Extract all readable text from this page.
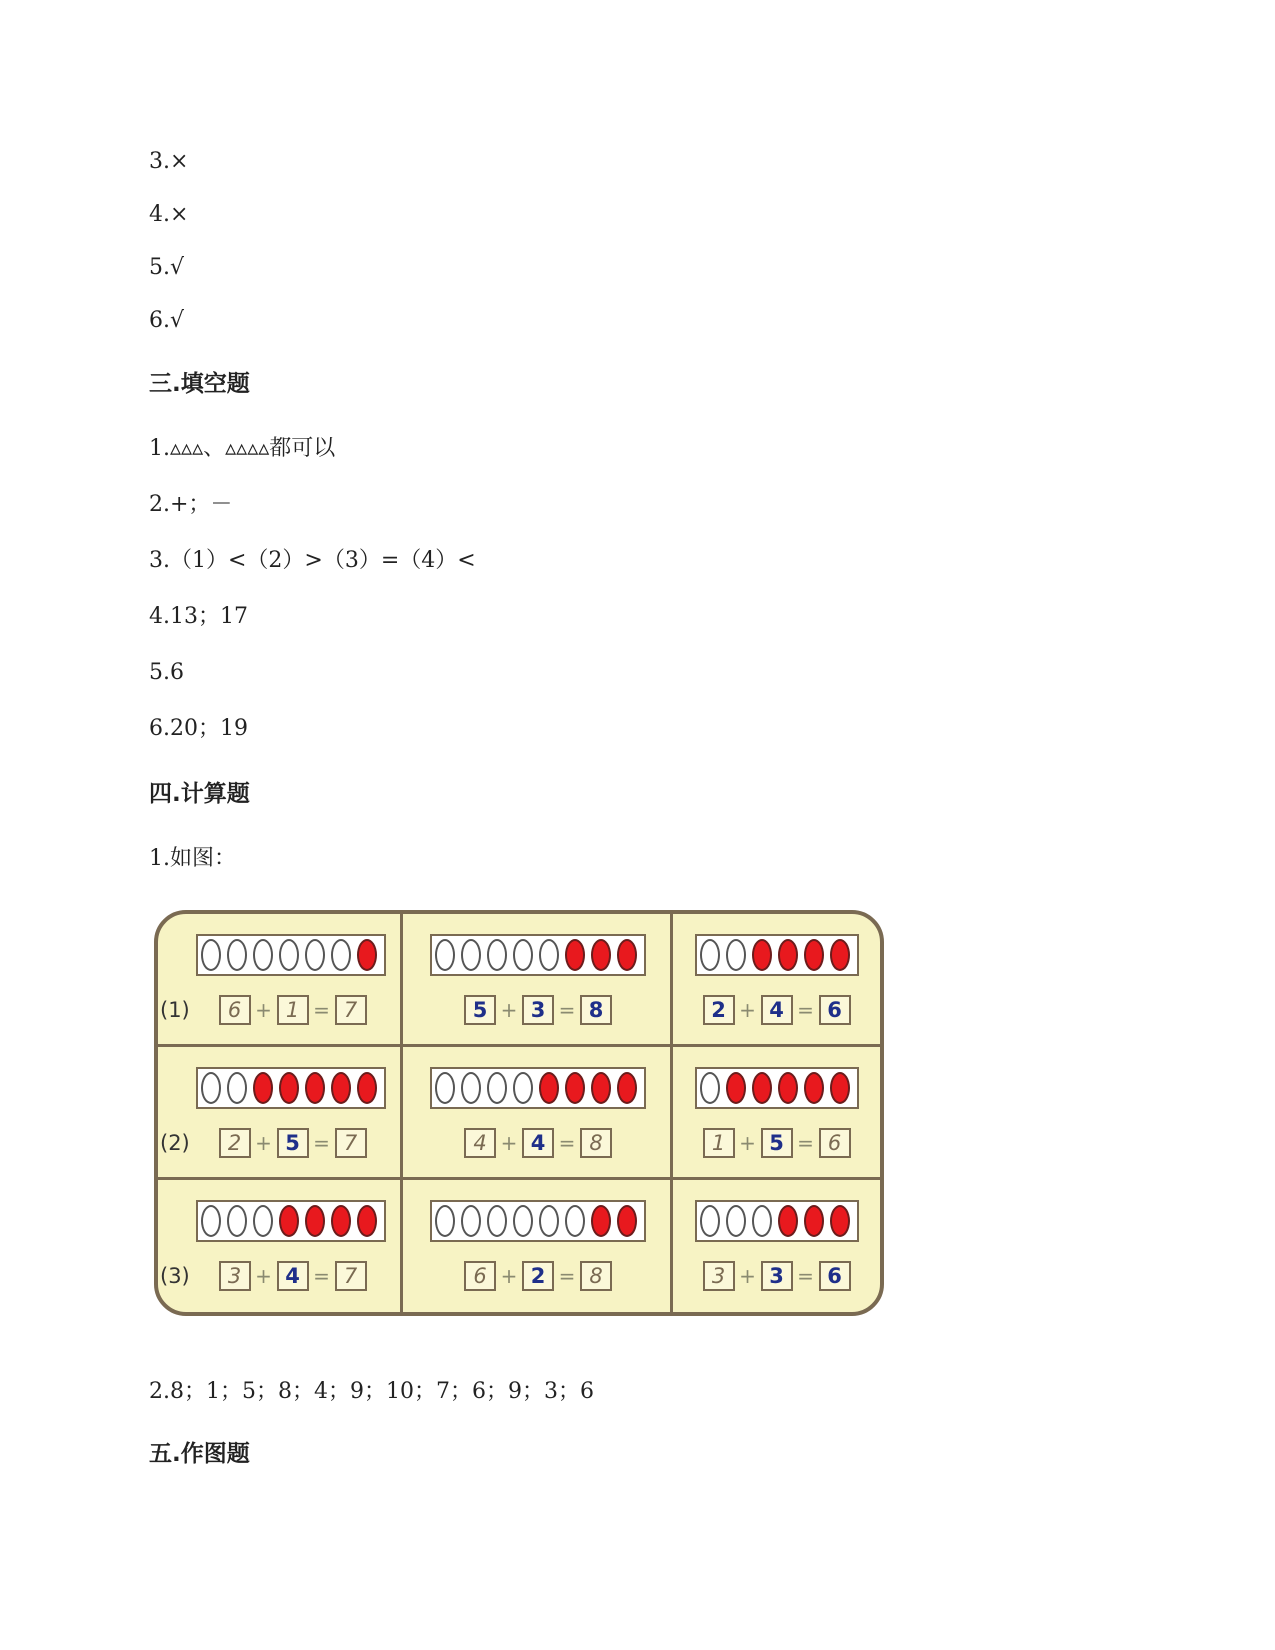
3.×
4.×
5.√
6.√
三.填空题
1.▵▵▵、▵▵▵▵都可以
2.+；－
3.（1）<（2）>（3）=（4）<
4.13；17
5.6
6.20；19
四.计算题
1.如图：
(1)	6 + 1 = 7	5 + 3 = 8	2 + 4 = 6
(2)	2 + 5 = 7	4 + 4 = 8	1 + 5 = 6
(3)	3 + 4 = 7	6 + 2 = 8	3 + 3 = 6
2.8；1；5；8；4；9；10；7；6；9；3；6
五.作图题
